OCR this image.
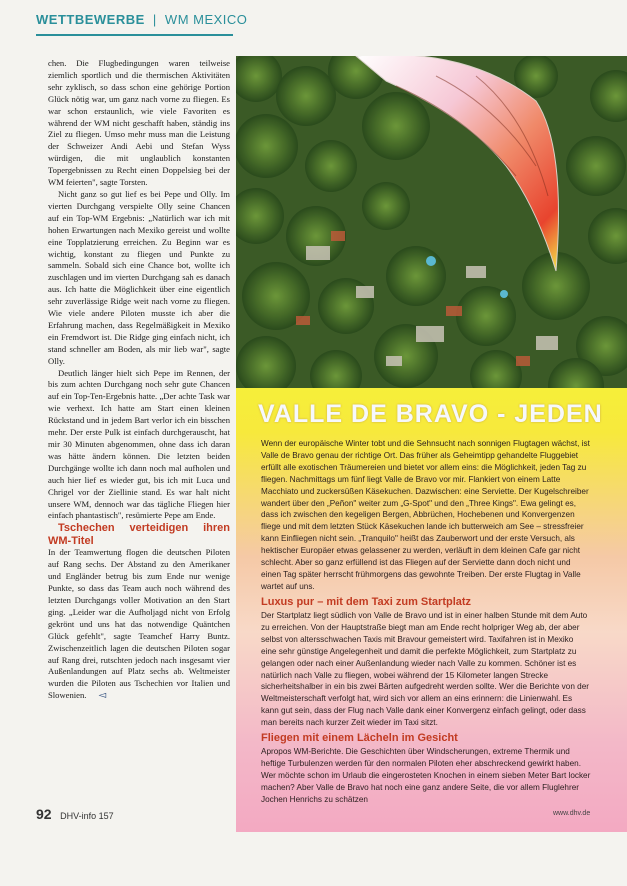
WETTBEWERBE | WM MEXICO

chen. Die Flugbedingungen waren teilweise ziemlich sportlich und die thermischen Aktivitäten sehr zyklisch, so dass schon eine gehörige Portion Glück nötig war, um ganz nach vorne zu fliegen. Es war schon erstaunlich, wie viele Favoriten es während der WM nicht geschafft haben, ständig ins Ziel zu fliegen. Umso mehr muss man die Leistung der Schweizer Andi Aebi und Stefan Wyss würdigen, die mit unglaublich konstanten Topergebnissen zu Recht einen Doppelsieg bei der WM feierten", sagte Torsten.

Nicht ganz so gut lief es bei Pepe und Olly. Im vierten Durchgang verspielte Olly seine Chancen auf ein Top-WM Ergebnis: „Natürlich war ich mit hohen Erwartungen nach Mexiko gereist und wollte eine Topplatzierung erreichen. Zu Beginn war es wichtig, konstant zu fliegen und Punkte zu sammeln. Sobald sich eine Chance bot, wollte ich zuschlagen und im vierten Durchgang sah es danach aus. Ich hatte die Möglichkeit über eine eigentlich sehr zuverlässige Ridge weit nach vorne zu fliegen. Wie viele andere Piloten musste ich aber die Erfahrung machen, dass Regelmäßigkeit in Mexiko ein Fremdwort ist. Die Ridge ging einfach nicht, ich stand schneller am Boden, als mir lieb war", sagte Olly.

Deutlich länger hielt sich Pepe im Rennen, der bis zum achten Durchgang noch sehr gute Chancen auf ein Top-Ten-Ergebnis hatte. „Der achte Task war wie verhext. Ich hatte am Start einen kleinen Rückstand und in jedem Bart verlor ich ein bisschen mehr. Der erste Pulk ist einfach durchgerauscht, hat mir 30 Minuten abgenommen, ohne dass ich daran was hätte ändern können. Die letzten beiden Durchgänge wollte ich dann noch mal aufholen und auch hier lief es wieder gut, bis ich mit Luca und Chrigel vor der Ziellinie stand. Es war halt nicht unsere WM, dennoch war das tägliche Fliegen hier einfach phantastisch", resümierte Pepe am Ende.

Tschechen verteidigen ihren WM-Titel

In der Teamwertung flogen die deutschen Piloten auf Rang sechs. Der Abstand zu den Amerikaner und Engländer betrug bis zum Ende nur wenige Punkte, so dass das Team auch noch während des letzten Durchgangs voller Motivation an den Start ging. „Leider war die Aufholjagd nicht von Erfolg gekrönt und uns hat das notwendige Quäntchen Glück gefehlt", sagte Teamchef Harry Buntz. Zwischenzeitlich lagen die deutschen Piloten sogar auf Rang drei, rutschten jedoch nach insgesamt vier Außenlandungen auf Platz sechs ab. Weltmeister wurden die Piloten aus Tschechien vor Italien und Slowenien. ◅

92 DHV-info 157
VALLE DE BRAVO - JEDEN
Wenn der europäische Winter tobt und die Sehnsucht nach sonnigen Flugtagen wächst, ist Valle de Bravo genau der richtige Ort. Das früher als Geheimtipp gehandelte Fluggebiet erfüllt alle exotischen Träumereien und bietet vor allem eins: die Möglichkeit, jeden Tag zu fliegen. Nachmittags um fünf liegt Valle de Bravo vor mir. Flankiert von einem Latte Macchiato und zuckersüßen Käsekuchen. Dazwischen: eine Serviette. Der Kugelschreiber wandert über den „Peñon" weiter zum „G-Spot" und den „Three Kings". Ewa gelingt es, dass ich zwischen den kegeligen Bergen, Abbrüchen, Hochebenen und Konvergenzen fliege und mit dem letzten Stück Käsekuchen lande ich butterweich am See – stressfreier kann Einfliegen nicht sein. „Tranquilo" heißt das Zauberwort und der erste Versuch, als hektischer Europäer etwas gelassener zu werden, verläuft in dem kleinen Cafe gar nicht schlecht. Aber so ganz erfüllend ist das Fliegen auf der Serviette dann doch nicht und einen Tag später herrscht frühmorgens das gewohnte Treiben. Der erste Flugtag in Valle wartet auf uns.
Luxus pur – mit dem Taxi zum Startplatz
Der Startplatz liegt südlich von Valle de Bravo und ist in einer halben Stunde mit dem Auto zu erreichen. Von der Hauptstraße biegt man am Ende recht holpriger Weg ab, der aber selbst von altersschwachen Taxis mit Bravour gemeistert wird. Taxifahren ist in Mexiko eine sehr günstige Angelegenheit und damit die perfekte Möglichkeit, zum Startplatz zu gelangen oder nach einer Außenlandung wieder nach Valle zu kommen. Schöner ist es natürlich nach Valle zu fliegen, wobei während der 15 Kilometer langen Strecke sicherheitshalber in ein bis zwei Bärten aufgedreht werden sollte. Wer die Berichte von der Weltmeisterschaft verfolgt hat, wird sich vor allem an eins erinnern: die Linienwahl. Es kann gut sein, dass der Flug nach Valle dank einer Konvergenz einfach gelingt, oder dass man bereits nach kurzer Zeit wieder im Taxi sitzt.
Fliegen mit einem Lächeln im Gesicht
Apropos WM-Berichte. Die Geschichten über Windscherungen, extreme Thermik und heftige Turbulenzen werden für den normalen Piloten eher abschreckend gewirkt haben. Wer möchte schon im Urlaub die eingerosteten Knochen in einem sieben Meter Bart locker machen? Aber Valle de Bravo hat noch eine ganz andere Seite, die vor allem Fluglehrer Jochen Henrichs zu schätzen
www.dhv.de
